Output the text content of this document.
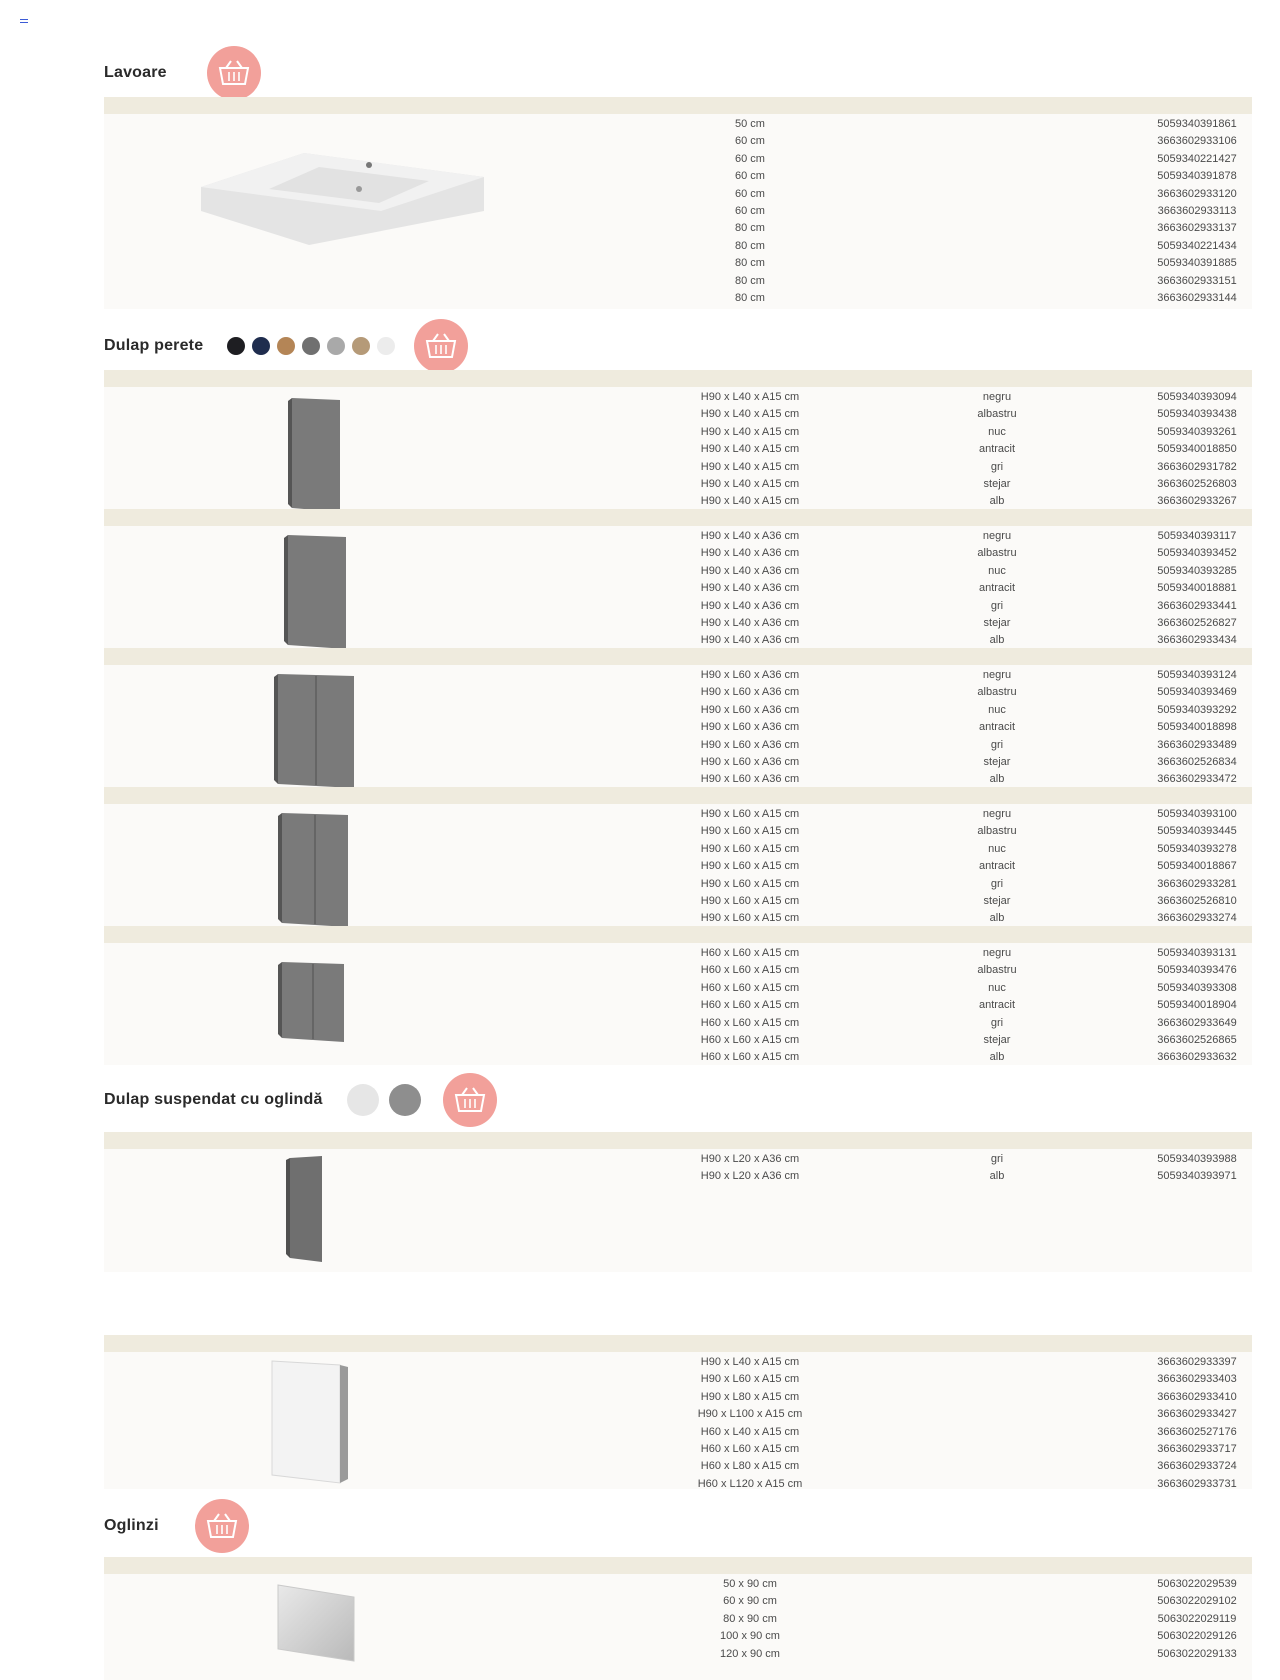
Lavoare
50 cm	5059340391861
60 cm	3663602933106
60 cm	5059340221427
60 cm	5059340391878
60 cm	3663602933120
60 cm	3663602933113
80 cm	3663602933137
80 cm	5059340221434
80 cm	5059340391885
80 cm	3663602933151
80 cm	3663602933144
Dulap perete
H90 x L40 x A15 cm	negru	5059340393094
H90 x L40 x A15 cm	albastru	5059340393438
H90 x L40 x A15 cm	nuc	5059340393261
H90 x L40 x A15 cm	antracit	5059340018850
H90 x L40 x A15 cm	gri	3663602931782
H90 x L40 x A15 cm	stejar	3663602526803
H90 x L40 x A15 cm	alb	3663602933267
H90 x L40 x A36 cm	negru	5059340393117
H90 x L40 x A36 cm	albastru	5059340393452
H90 x L40 x A36 cm	nuc	5059340393285
H90 x L40 x A36 cm	antracit	5059340018881
H90 x L40 x A36 cm	gri	3663602933441
H90 x L40 x A36 cm	stejar	3663602526827
H90 x L40 x A36 cm	alb	3663602933434
H90 x L60 x A36 cm	negru	5059340393124
H90 x L60 x A36 cm	albastru	5059340393469
H90 x L60 x A36 cm	nuc	5059340393292
H90 x L60 x A36 cm	antracit	5059340018898
H90 x L60 x A36 cm	gri	3663602933489
H90 x L60 x A36 cm	stejar	3663602526834
H90 x L60 x A36 cm	alb	3663602933472
H90 x L60 x A15 cm	negru	5059340393100
H90 x L60 x A15 cm	albastru	5059340393445
H90 x L60 x A15 cm	nuc	5059340393278
H90 x L60 x A15 cm	antracit	5059340018867
H90 x L60 x A15 cm	gri	3663602933281
H90 x L60 x A15 cm	stejar	3663602526810
H90 x L60 x A15 cm	alb	3663602933274
H60 x L60 x A15 cm	negru	5059340393131
H60 x L60 x A15 cm	albastru	5059340393476
H60 x L60 x A15 cm	nuc	5059340393308
H60 x L60 x A15 cm	antracit	5059340018904
H60 x L60 x A15 cm	gri	3663602933649
H60 x L60 x A15 cm	stejar	3663602526865
H60 x L60 x A15 cm	alb	3663602933632
Dulap suspendat cu oglindă
H90 x L20 x A36 cm	gri	5059340393988
H90 x L20 x A36 cm	alb	5059340393971
H90 x L40 x A15 cm	3663602933397
H90 x L60 x A15 cm	3663602933403
H90 x L80 x A15 cm	3663602933410
H90 x L100 x A15 cm	3663602933427
H60 x L40 x A15 cm	3663602527176
H60 x L60 x A15 cm	3663602933717
H60 x L80 x A15 cm	3663602933724
H60 x L120 x A15 cm	3663602933731
Oglinzi
50 x 90 cm	5063022029539
60 x 90 cm	5063022029102
80 x 90 cm	5063022029119
100 x 90 cm	5063022029126
120 x 90 cm	5063022029133
